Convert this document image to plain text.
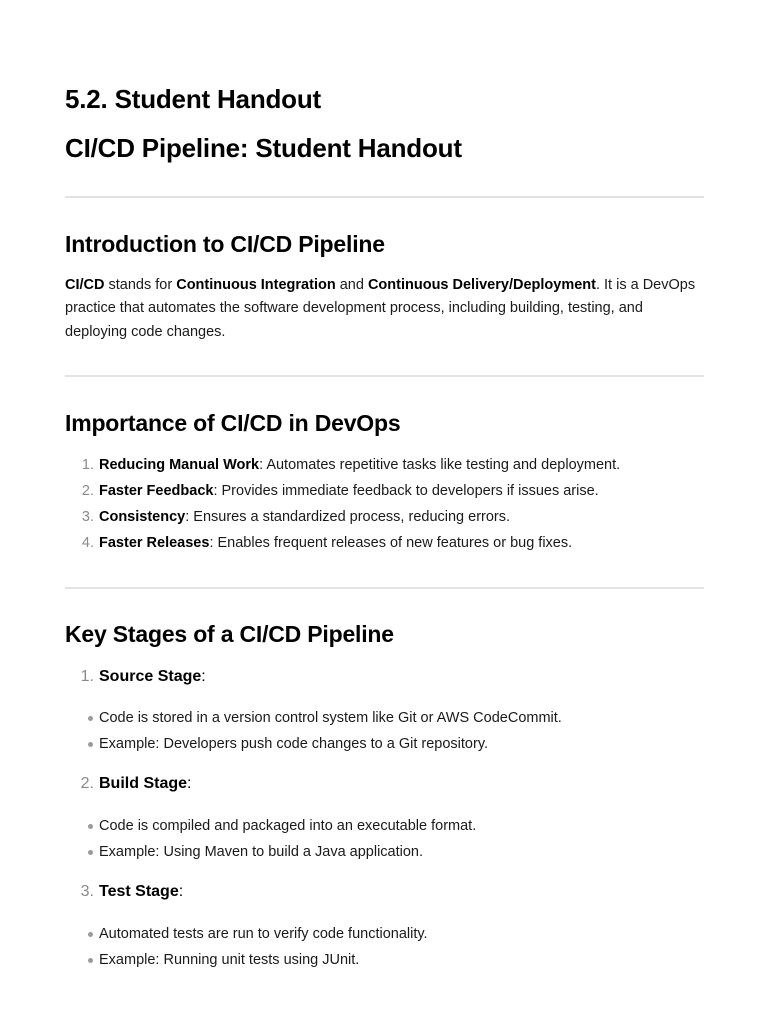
5.2. Student Handout
CI/CD Pipeline: Student Handout
Introduction to CI/CD Pipeline

CI/CD stands for Continuous Integration and Continuous Delivery/Deployment. It is a DevOps practice that automates the software development process, including building, testing, and deploying code changes.

Importance of CI/CD in DevOps
1. Reducing Manual Work: Automates repetitive tasks like testing and deployment.
2. Faster Feedback: Provides immediate feedback to developers if issues arise.
3. Consistency: Ensures a standardized process, reducing errors.
4. Faster Releases: Enables frequent releases of new features or bug fixes.
Key Stages of a CI/CD Pipeline
1. Source Stage:
Code is stored in a version control system like Git or AWS CodeCommit.
Example: Developers push code changes to a Git repository.
2. Build Stage:
Code is compiled and packaged into an executable format.
Example: Using Maven to build a Java application.
3. Test Stage:
Automated tests are run to verify code functionality.
Example: Running unit tests using JUnit.
